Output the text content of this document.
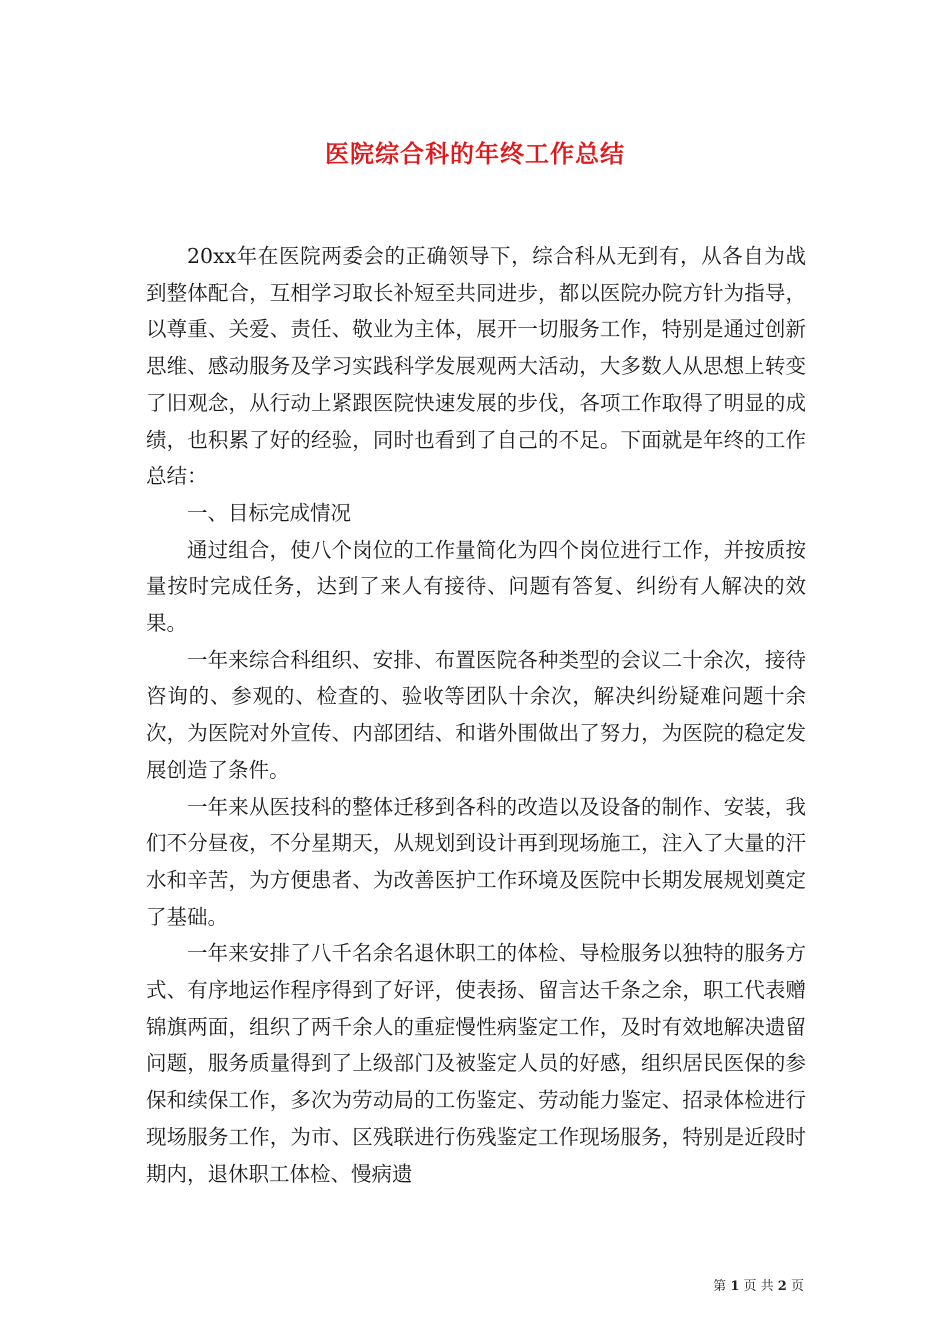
医院综合科的年终工作总结

20xx年在医院两委会的正确领导下，综合科从无到有，从各自为战到整体配合，互相学习取长补短至共同进步，都以医院办院方针为指导，以尊重、关爱、责任、敬业为主体，展开一切服务工作，特别是通过创新思维、感动服务及学习实践科学发展观两大活动，大多数人从思想上转变了旧观念，从行动上紧跟医院快速发展的步伐，各项工作取得了明显的成绩，也积累了好的经验，同时也看到了自己的不足。下面就是年终的工作总结：

一、目标完成情况

通过组合，使八个岗位的工作量简化为四个岗位进行工作，并按质按量按时完成任务，达到了来人有接待、问题有答复、纠纷有人解决的效果。

一年来综合科组织、安排、布置医院各种类型的会议二十余次，接待咨询的、参观的、检查的、验收等团队十余次，解决纠纷疑难问题十余次，为医院对外宣传、内部团结、和谐外围做出了努力，为医院的稳定发展创造了条件。

一年来从医技科的整体迁移到各科的改造以及设备的制作、安装，我们不分昼夜，不分星期天，从规划到设计再到现场施工，注入了大量的汗水和辛苦，为方便患者、为改善医护工作环境及医院中长期发展规划奠定了基础。

一年来安排了八千名余名退休职工的体检、导检服务以独特的服务方式、有序地运作程序得到了好评，使表扬、留言达千条之余，职工代表赠锦旗两面，组织了两千余人的重症慢性病鉴定工作，及时有效地解决遗留问题，服务质量得到了上级部门及被鉴定人员的好感，组织居民医保的参保和续保工作，多次为劳动局的工伤鉴定、劳动能力鉴定、招录体检进行现场服务工作，为市、区残联进行伤残鉴定工作现场服务，特别是近段时期内，退休职工体检、慢病遗

第 1 页 共 2 页
